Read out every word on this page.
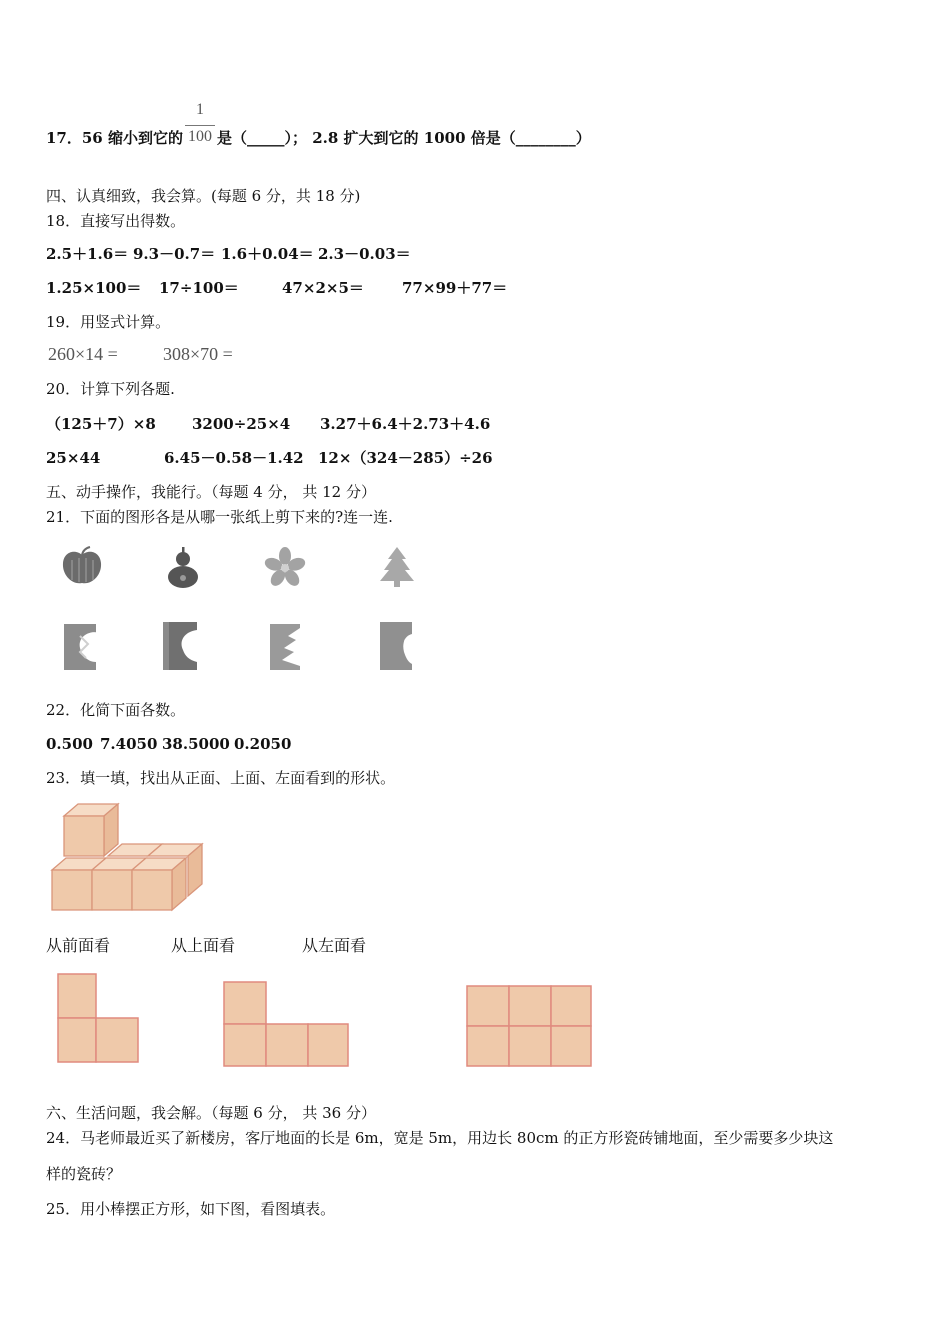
17．56 缩小到它的
1
100 是（_____）； 2.8 扩大到它的 1000 倍是（________）
四、认真细致，我会算。(每题 6 分，共 18 分)
18．直接写出得数。
2.5＋1.6＝ 9.3－0.7＝ 1.6＋0.04＝ 2.3－0.03＝
1.25×100＝ 17÷100＝	47×2×5＝	77×99＋77＝
19．用竖式计算。
260×14 =	308×70 =
20．计算下列各题.
（125＋7）×8 3200÷25×4 3.27＋6.4＋2.73＋4.6
25×44	6.45－0.58－1.42 12×（324－285）÷26
五、动手操作，我能行。（每题 4 分， 共 12 分）
21．下面的图形各是从哪一张纸上剪下来的?连一连.
22．化简下面各数。
0.500 7.4050 38.5000 0.2050
23．填一填，找出从正面、上面、左面看到的形状。
从前面看	从上面看	从左面看
六、生活问题，我会解。（每题 6 分， 共 36 分）
24．马老师最近买了新楼房，客厅地面的长是 6m，宽是 5m，用边长 80cm 的正方形瓷砖铺地面，至少需要多少块这
样的瓷砖？
25．用小棒摆正方形，如下图，看图填表。
